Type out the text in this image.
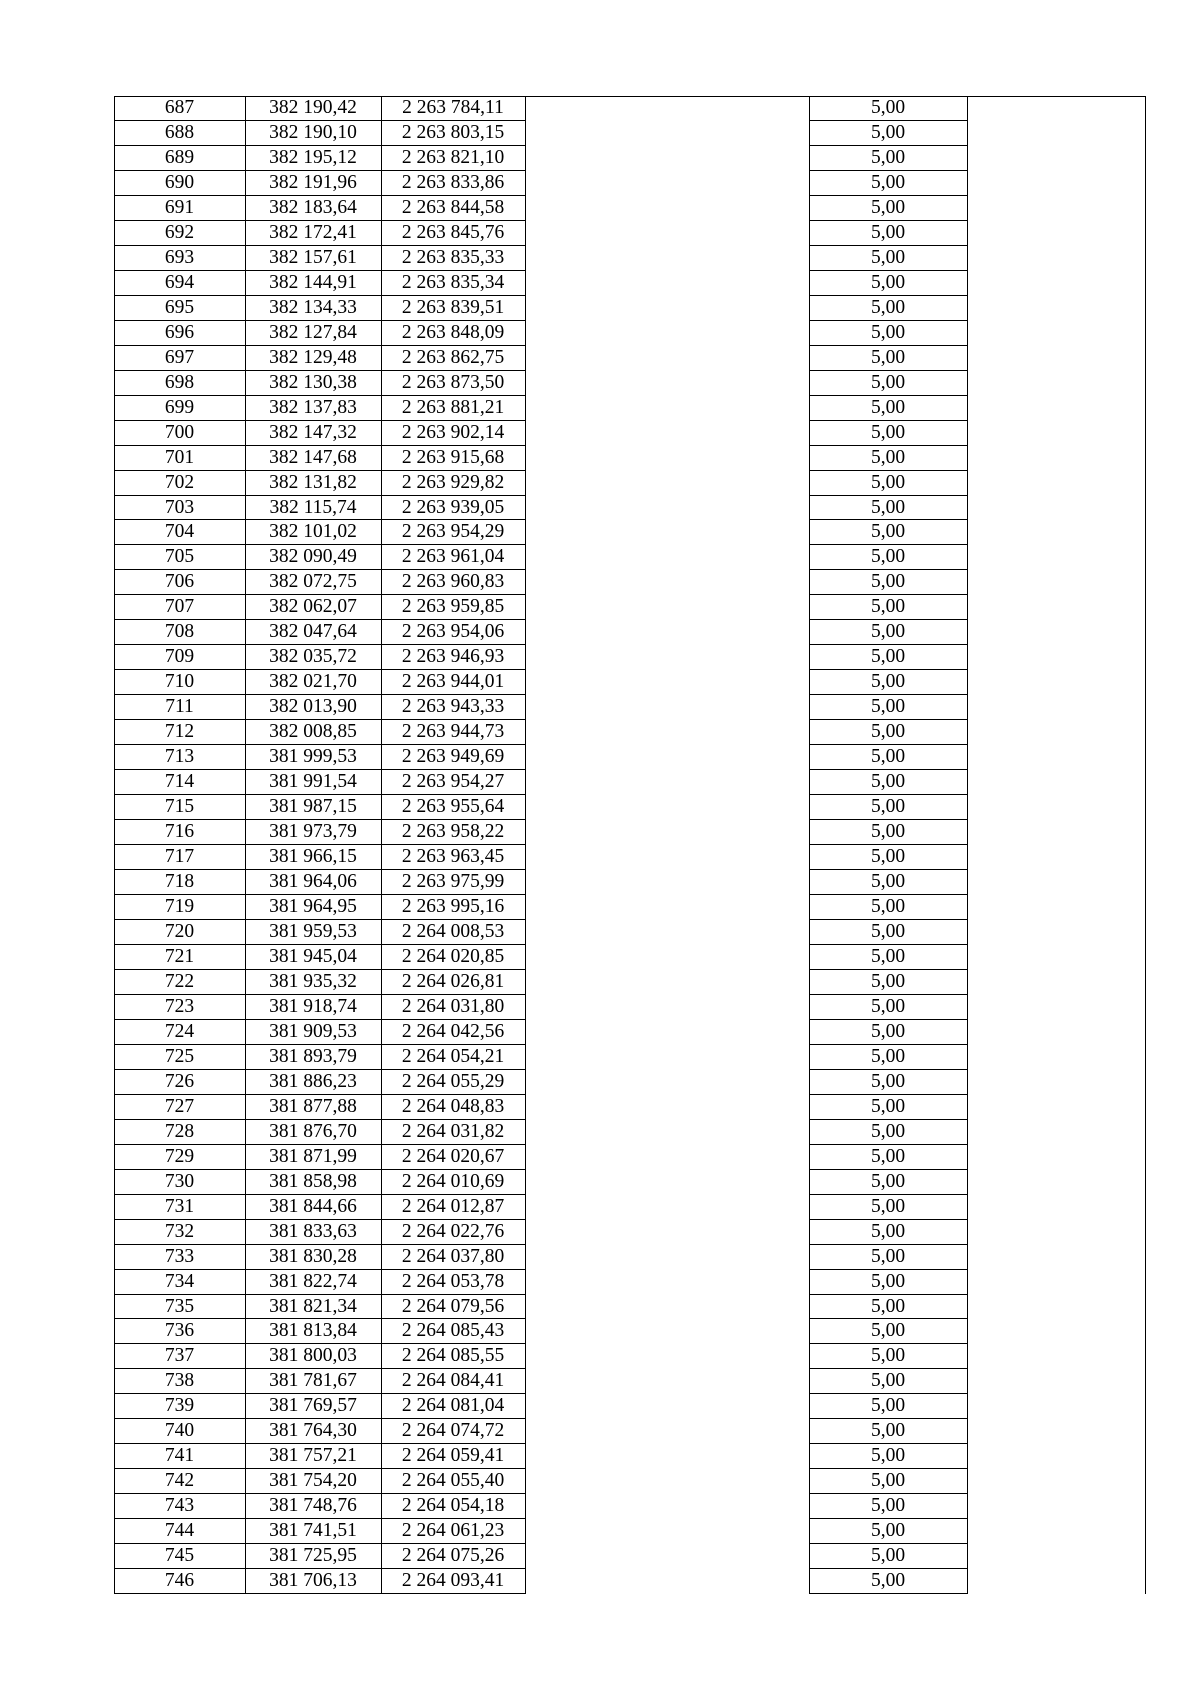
687	382 190,42	2 263 784,11	5,00
688	382 190,10	2 263 803,15	5,00
689	382 195,12	2 263 821,10	5,00
690	382 191,96	2 263 833,86	5,00
691	382 183,64	2 263 844,58	5,00
692	382 172,41	2 263 845,76	5,00
693	382 157,61	2 263 835,33	5,00
694	382 144,91	2 263 835,34	5,00
695	382 134,33	2 263 839,51	5,00
696	382 127,84	2 263 848,09	5,00
697	382 129,48	2 263 862,75	5,00
698	382 130,38	2 263 873,50	5,00
699	382 137,83	2 263 881,21	5,00
700	382 147,32	2 263 902,14	5,00
701	382 147,68	2 263 915,68	5,00
702	382 131,82	2 263 929,82	5,00
703	382 115,74	2 263 939,05	5,00
704	382 101,02	2 263 954,29	5,00
705	382 090,49	2 263 961,04	5,00
706	382 072,75	2 263 960,83	5,00
707	382 062,07	2 263 959,85	5,00
708	382 047,64	2 263 954,06	5,00
709	382 035,72	2 263 946,93	5,00
710	382 021,70	2 263 944,01	5,00
711	382 013,90	2 263 943,33	5,00
712	382 008,85	2 263 944,73	5,00
713	381 999,53	2 263 949,69	5,00
714	381 991,54	2 263 954,27	5,00
715	381 987,15	2 263 955,64	5,00
716	381 973,79	2 263 958,22	5,00
717	381 966,15	2 263 963,45	5,00
718	381 964,06	2 263 975,99	5,00
719	381 964,95	2 263 995,16	5,00
720	381 959,53	2 264 008,53	5,00
721	381 945,04	2 264 020,85	5,00
722	381 935,32	2 264 026,81	5,00
723	381 918,74	2 264 031,80	5,00
724	381 909,53	2 264 042,56	5,00
725	381 893,79	2 264 054,21	5,00
726	381 886,23	2 264 055,29	5,00
727	381 877,88	2 264 048,83	5,00
728	381 876,70	2 264 031,82	5,00
729	381 871,99	2 264 020,67	5,00
730	381 858,98	2 264 010,69	5,00
731	381 844,66	2 264 012,87	5,00
732	381 833,63	2 264 022,76	5,00
733	381 830,28	2 264 037,80	5,00
734	381 822,74	2 264 053,78	5,00
735	381 821,34	2 264 079,56	5,00
736	381 813,84	2 264 085,43	5,00
737	381 800,03	2 264 085,55	5,00
738	381 781,67	2 264 084,41	5,00
739	381 769,57	2 264 081,04	5,00
740	381 764,30	2 264 074,72	5,00
741	381 757,21	2 264 059,41	5,00
742	381 754,20	2 264 055,40	5,00
743	381 748,76	2 264 054,18	5,00
744	381 741,51	2 264 061,23	5,00
745	381 725,95	2 264 075,26	5,00
746	381 706,13	2 264 093,41	5,00
